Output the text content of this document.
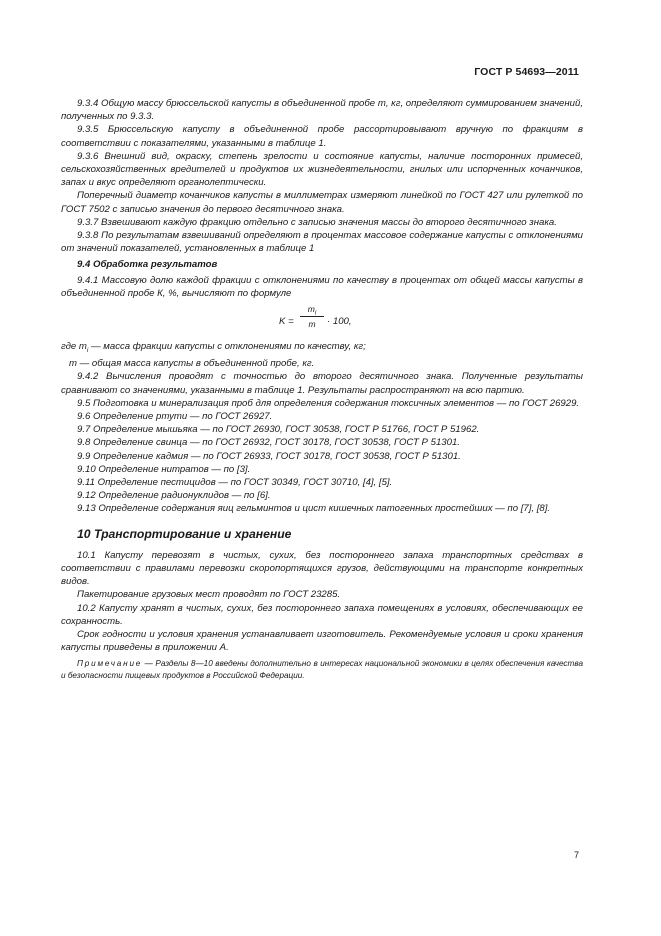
ГОСТ Р 54693—2011

9.3.4 Общую массу брюссельской капусты в объединенной пробе m, кг, определяют суммированием значений, полученных по 9.3.3.

9.3.5 Брюссельскую капусту в объединенной пробе рассортировывают вручную по фракциям в соответствии с показателями, указанными в таблице 1.

9.3.6 Внешний вид, окраску, степень зрелости и состояние капусты, наличие посторонних примесей, сельскохозяйственных вредителей и продуктов их жизнедеятельности, гнилых или испорченных кочанчиков, запах и вкус определяют органолептически.

Поперечный диаметр кочанчиков капусты в миллиметрах измеряют линейкой по ГОСТ 427 или рулеткой по ГОСТ 7502 с записью значения до первого десятичного знака.

9.3.7 Взвешивают каждую фракцию отдельно с записью значения массы до второго десятичного знака.

9.3.8 По результатам взвешиваний определяют в процентах массовое содержание капусты с отклонениями от значений показателей, установленных в таблице 1

9.4 Обработка результатов

9.4.1 Массовую долю каждой фракции с отклонениями по качеству в процентах от общей массы капусты в объединенной пробе К, %, вычисляют по формуле

K =
$m_i$
m	· 100,

где $m_i$ — масса фракции капусты с отклонениями по качеству, кг;

m — общая масса капусты в объединенной пробе, кг.

9.4.2 Вычисления проводят с точностью до второго десятичного знака. Полученные результаты сравнивают со значениями, указанными в таблице 1. Результаты распространяют на всю партию.

9.5 Подготовка и минерализация проб для определения содержания токсичных элементов — по ГОСТ 26929.

9.6 Определение ртути — по ГОСТ 26927.

9.7 Определение мышьяка — по ГОСТ 26930, ГОСТ 30538, ГОСТ Р 51766, ГОСТ Р 51962.

9.8 Определение свинца — по ГОСТ 26932, ГОСТ 30178, ГОСТ 30538, ГОСТ Р 51301.

9.9 Определение кадмия — по ГОСТ 26933, ГОСТ 30178, ГОСТ 30538, ГОСТ Р 51301.

9.10 Определение нитратов — по [3].

9.11 Определение пестицидов — по ГОСТ 30349, ГОСТ 30710, [4], [5].

9.12 Определение радионуклидов — по [6].

9.13 Определение содержания яиц гельминтов и цист кишечных патогенных простейших — по [7], [8].

10 Транспортирование и хранение

10.1 Капусту перевозят в чистых, сухих, без постороннего запаха транспортных средствах в соответствии с правилами перевозки скоропортящихся грузов, действующими на транспорте конкретных видов.

Пакетирование грузовых мест проводят по ГОСТ 23285.

10.2 Капусту хранят в чистых, сухих, без постороннего запаха помещениях в условиях, обеспечивающих ее сохранность.

Срок годности и условия хранения устанавливает изготовитель. Рекомендуемые условия и сроки хранения капусты приведены в приложении А.

Примечание — Разделы 8—10 введены дополнительно в интересах национальной экономики в целях обеспечения качества и безопасности пищевых продуктов в Российской Федерации.

7
